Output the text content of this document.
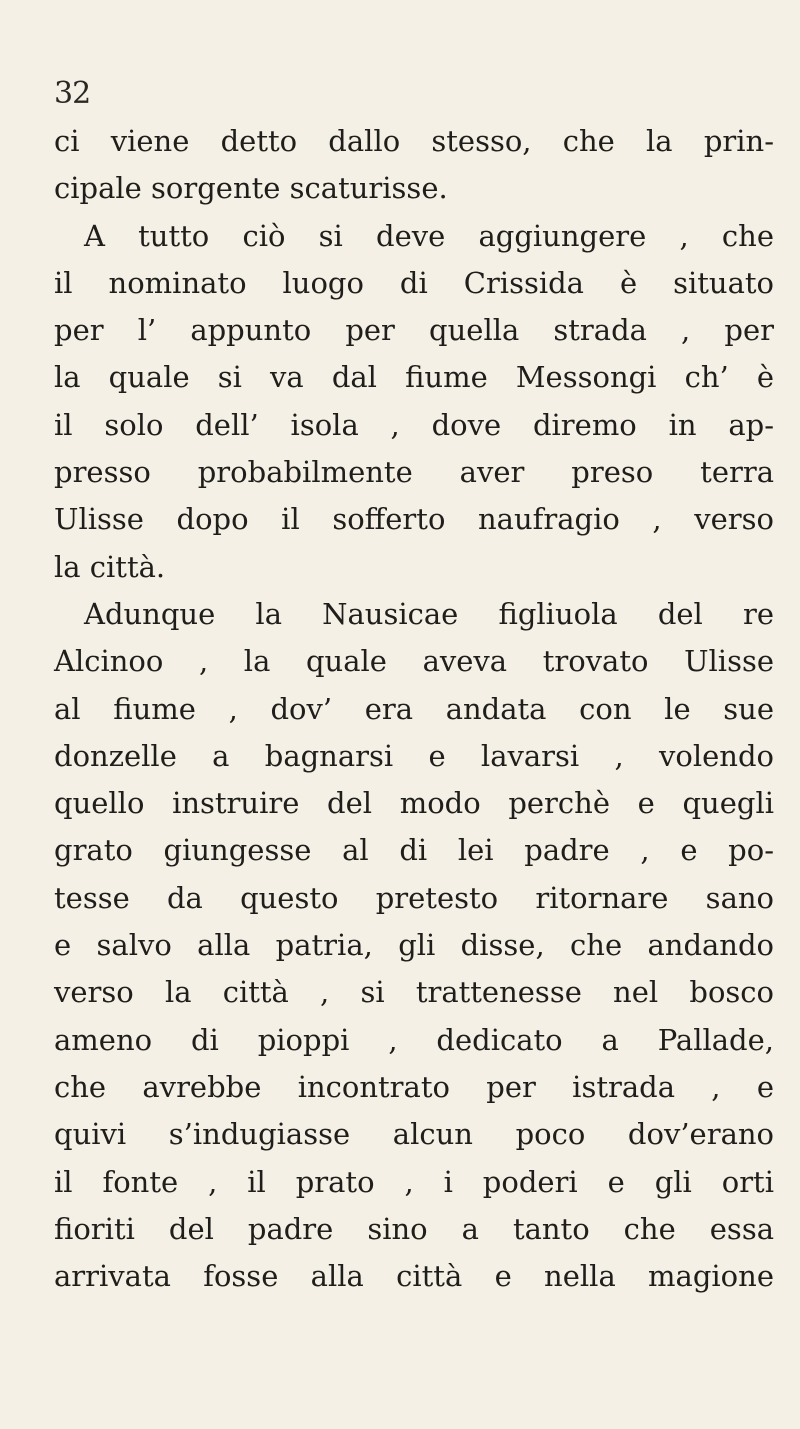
32
ci viene detto dallo stesso, che la prin-
cipale sorgente scaturisse.
A tutto ciò si deve aggiungere , che
il nominato luogo di Crissida è situato
per l’ appunto per quella strada , per
la quale si va dal fiume Messongi ch’ è
il solo dell’ isola , dove diremo in ap-
presso probabilmente aver preso terra
Ulisse dopo il sofferto naufragio , verso
la città.
Adunque la Nausicae figliuola del re
Alcinoo , la quale aveva trovato Ulisse
al fiume , dov’ era andata con le sue
donzelle a bagnarsi e lavarsi , volendo
quello instruire del modo perchè e quegli
grato giungesse al di lei padre , e po-
tesse da questo pretesto ritornare sano
e salvo alla patria, gli disse, che andando
verso la città , si trattenesse nel bosco
ameno di pioppi , dedicato a Pallade,
che avrebbe incontrato per istrada , e
quivi s’indugiasse alcun poco dov’erano
il fonte , il prato , i poderi e gli orti
fioriti del padre sino a tanto che essa
arrivata fosse alla città e nella magione
